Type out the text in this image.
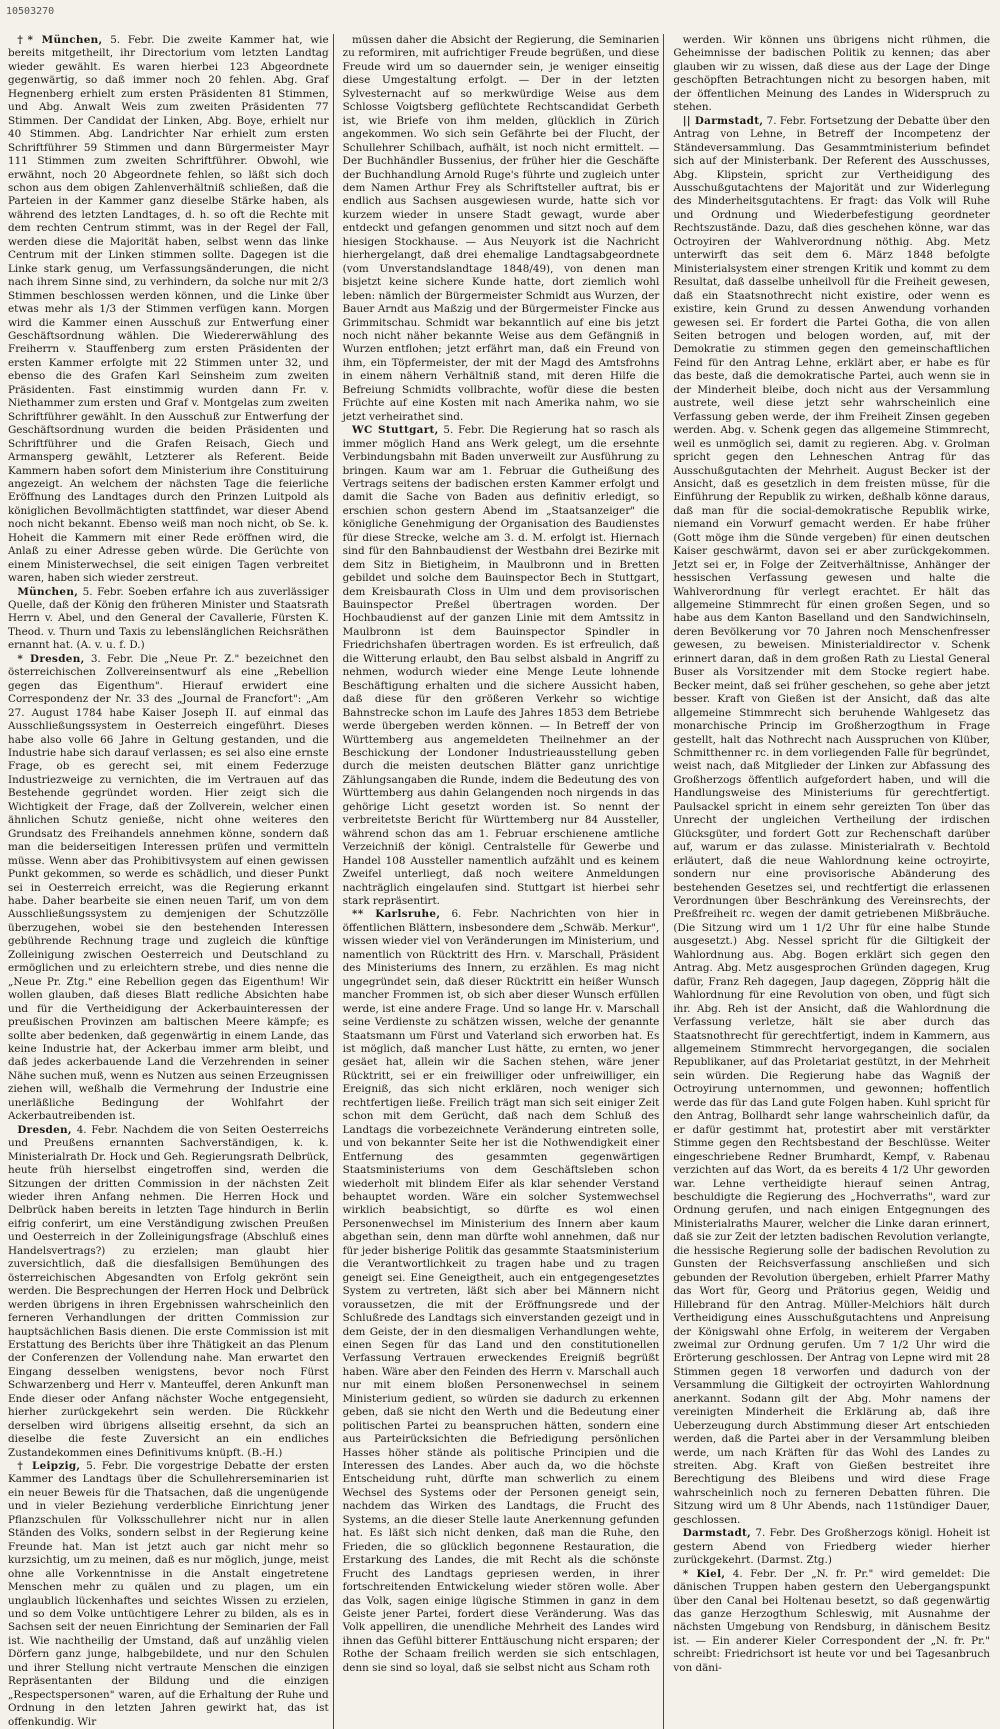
10503270

†* München, 5. Febr. Die zweite Kammer hat, wie bereits mitgetheilt, ihr Directorium vom letzten Landtag wieder gewählt. Es waren hierbei 123 Abgeordnete gegenwärtig, so daß immer noch 20 fehlen. Abg. Graf Hegnenberg erhielt zum ersten Präsidenten 81 Stimmen, und Abg. Anwalt Weis zum zweiten Präsidenten 77 Stimmen. Der Candidat der Linken, Abg. Boye, erhielt nur 40 Stimmen. Abg. Landrichter Nar erhielt zum ersten Schriftführer 59 Stimmen und dann Bürgermeister Mayr 111 Stimmen zum zweiten Schriftführer. Obwohl, wie erwähnt, noch 20 Abgeordnete fehlen, so läßt sich doch schon aus dem obigen Zahlenverhältniß schließen, daß die Parteien in der Kammer ganz dieselbe Stärke haben, als während des letzten Landtages, d. h. so oft die Rechte mit dem rechten Centrum stimmt, was in der Regel der Fall, werden diese die Majorität haben, selbst wenn das linke Centrum mit der Linken stimmen sollte. Dagegen ist die Linke stark genug, um Verfassungsänderungen, die nicht nach ihrem Sinne sind, zu verhindern, da solche nur mit 2/3 Stimmen beschlossen werden können, und die Linke über etwas mehr als 1/3 der Stimmen verfügen kann. Morgen wird die Kammer einen Ausschuß zur Entwerfung einer Geschäftsordnung wählen. Die Wiedererwählung des Freiherrn v. Stauffenberg zum ersten Präsidenten der ersten Kammer erfolgte mit 22 Stimmen unter 32, und ebenso die des Grafen Karl Seinsheim zum zweiten Präsidenten. Fast einstimmig wurden dann Fr. v. Niethammer zum ersten und Graf v. Montgelas zum zweiten Schriftführer gewählt. In den Ausschuß zur Entwerfung der Geschäftsordnung wurden die beiden Präsidenten und Schriftführer und die Grafen Reisach, Giech und Armansperg gewählt, Letzterer als Referent. Beide Kammern haben sofort dem Ministerium ihre Constituirung angezeigt. An welchem der nächsten Tage die feierliche Eröffnung des Landtages durch den Prinzen Luitpold als königlichen Bevollmächtigten stattfindet, war dieser Abend noch nicht bekannt. Ebenso weiß man noch nicht, ob Se. k. Hoheit die Kammern mit einer Rede eröffnen wird, die Anlaß zu einer Adresse geben würde. Die Gerüchte von einem Ministerwechsel, die seit einigen Tagen verbreitet waren, haben sich wieder zerstreut.

München, 5. Febr. Soeben erfahre ich aus zuverlässiger Quelle, daß der König den früheren Minister und Staatsrath Herrn v. Abel, und den General der Cavallerie, Fürsten K. Theod. v. Thurn und Taxis zu lebenslänglichen Reichsräthen ernannt hat. (A. v. u. f. D.)

* Dresden, 3. Febr. Die „Neue Pr. Z." bezeichnet den österreichischen Zollvereinsentwurf als eine „Rebellion gegen das Eigenthum". Hierauf erwidert eine Correspondenz der Nr. 33 des „Journal de Francfort": „Am 27. August 1784 habe Kaiser Joseph II. auf einmal das Ausschließungssystem in Oesterreich eingeführt. Dieses habe also volle 66 Jahre in Geltung gestanden, und die Industrie habe sich darauf verlassen; es sei also eine ernste Frage, ob es gerecht sei, mit einem Federzuge Industriezweige zu vernichten, die im Vertrauen auf das Bestehende gegründet worden. Hier zeigt sich die Wichtigkeit der Frage, daß der Zollverein, welcher einen ähnlichen Schutz genieße, nicht ohne weiteres den Grundsatz des Freihandels annehmen könne, sondern daß man die beiderseitigen Interessen prüfen und vermitteln müsse. Wenn aber das Prohibitivsystem auf einen gewissen Punkt gekommen, so werde es schädlich, und dieser Punkt sei in Oesterreich erreicht, was die Regierung erkannt habe. Daher bearbeite sie einen neuen Tarif, um von dem Ausschließungssystem zu demjenigen der Schutzzölle überzugehen, wobei sie den bestehenden Interessen gebührende Rechnung trage und zugleich die künftige Zolleinigung zwischen Oesterreich und Deutschland zu ermöglichen und zu erleichtern strebe, und dies nenne die „Neue Pr. Ztg." eine Rebellion gegen das Eigenthum! Wir wollen glauben, daß dieses Blatt redliche Absichten habe und für die Vertheidigung der Ackerbauinteressen der preußischen Provinzen am baltischen Meere kämpfe; es sollte aber bedenken, daß gegenwärtig in einem Lande, das keine Industrie hat, der Ackerbau immer arm bleibt, und daß jedes ackerbauende Land die Verzehrenden in seiner Nähe suchen muß, wenn es Nutzen aus seinen Erzeugnissen ziehen will, weßhalb die Vermehrung der Industrie eine unerläßliche Bedingung der Wohlfahrt der Ackerbautreibenden ist.

Dresden, 4. Febr. Nachdem die von Seiten Oesterreichs und Preußens ernannten Sachverständigen, k. k. Ministerialrath Dr. Hock und Geh. Regierungsrath Delbrück, heute früh hierselbst eingetroffen sind, werden die Sitzungen der dritten Commission in der nächsten Zeit wieder ihren Anfang nehmen. Die Herren Hock und Delbrück haben bereits in letzten Tage hindurch in Berlin eifrig conferirt, um eine Verständigung zwischen Preußen und Oesterreich in der Zolleinigungsfrage (Abschluß eines Handelsvertrags?) zu erzielen; man glaubt hier zuversichtlich, daß die diesfallsigen Bemühungen des österreichischen Abgesandten von Erfolg gekrönt sein werden. Die Besprechungen der Herren Hock und Delbrück werden übrigens in ihren Ergebnissen wahrscheinlich den ferneren Verhandlungen der dritten Commission zur hauptsächlichen Basis dienen. Die erste Commission ist mit Erstattung des Berichts über ihre Thätigkeit an das Plenum der Conferenzen der Vollendung nahe. Man erwartet den Eingang desselben wenigstens, bevor noch Fürst Schwarzenberg und Herr v. Manteuffel, deren Ankunft man Ende dieser oder Anfang nächster Woche entgegensieht, hierher zurückgekehrt sein werden. Die Rückkehr derselben wird übrigens allseitig ersehnt, da sich an dieselbe die feste Zuversicht an ein endliches Zustandekommen eines Definitivums knüpft. (B.-H.)

† Leipzig, 5. Febr. Die vorgestrige Debatte der ersten Kammer des Landtags über die Schullehrerseminarien ist ein neuer Beweis für die Thatsachen, daß die ungenügende und in vieler Beziehung verderbliche Einrichtung jener Pflanzschulen für Volksschullehrer nicht nur in allen Ständen des Volks, sondern selbst in der Regierung keine Freunde hat. Man ist jetzt auch gar nicht mehr so kurzsichtig, um zu meinen, daß es nur möglich, junge, meist ohne alle Vorkenntnisse in die Anstalt eingetretene Menschen mehr zu quälen und zu plagen, um ein unglaublich lückenhaftes und seichtes Wissen zu erzielen, und so dem Volke untüchtigere Lehrer zu bilden, als es in Sachsen seit der neuen Einrichtung der Seminarien der Fall ist. Wie nachtheilig der Umstand, daß auf unzählig vielen Dörfern ganz junge, halbgebildete, und nur den Schulen und ihrer Stellung nicht vertraute Menschen die einzigen Repräsentanten der Bildung und die einzigen „Respectspersonen" waren, auf die Erhaltung der Ruhe und Ordnung in den letzten Jahren gewirkt hat, das ist offenkundig. Wir

müssen daher die Absicht der Regierung, die Seminarien zu reformiren, mit aufrichtiger Freude begrüßen, und diese Freude wird um so dauernder sein, je weniger einseitig diese Umgestaltung erfolgt. — Der in der letzten Sylvesternacht auf so merkwürdige Weise aus dem Schlosse Voigtsberg geflüchtete Rechtscandidat Gerbeth ist, wie Briefe von ihm melden, glücklich in Zürich angekommen. Wo sich sein Gefährte bei der Flucht, der Schullehrer Schilbach, aufhält, ist noch nicht ermittelt. — Der Buchhändler Bussenius, der früher hier die Geschäfte der Buchhandlung Arnold Ruge's führte und zugleich unter dem Namen Arthur Frey als Schriftsteller auftrat, bis er endlich aus Sachsen ausgewiesen wurde, hatte sich vor kurzem wieder in unsere Stadt gewagt, wurde aber entdeckt und gefangen genommen und sitzt noch auf dem hiesigen Stockhause. — Aus Neuyork ist die Nachricht hierhergelangt, daß drei ehemalige Landtagsabgeordnete (vom Unverstandslandtage 1848/49), von denen man bisjetzt keine sichere Kunde hatte, dort ziemlich wohl leben: nämlich der Bürgermeister Schmidt aus Wurzen, der Bauer Arndt aus Maßzig und der Bürgermeister Fincke aus Grimmitschau. Schmidt war bekanntlich auf eine bis jetzt noch nicht näher bekannte Weise aus dem Gefängniß in Wurzen entflohen; jetzt erfährt man, daß ein Freund von ihm, ein Töpfermeister, der mit der Magd des Amtsfrohns in einem nähern Verhältniß stand, mit deren Hilfe die Befreiung Schmidts vollbrachte, wofür diese die besten Früchte auf eine Kosten mit nach Amerika nahm, wo sie jetzt verheirathet sind.

WC Stuttgart, 5. Febr. Die Regierung hat so rasch als immer möglich Hand ans Werk gelegt, um die ersehnte Verbindungsbahn mit Baden unverweilt zur Ausführung zu bringen. Kaum war am 1. Februar die Gutheißung des Vertrags seitens der badischen ersten Kammer erfolgt und damit die Sache von Baden aus definitiv erledigt, so erschien schon gestern Abend im „Staatsanzeiger" die königliche Genehmigung der Organisation des Baudienstes für diese Strecke, welche am 3. d. M. erfolgt ist. Hiernach sind für den Bahnbaudienst der Westbahn drei Bezirke mit dem Sitz in Bietigheim, in Maulbronn und in Bretten gebildet und solche dem Bauinspector Bech in Stuttgart, dem Kreisbaurath Closs in Ulm und dem provisorischen Bauinspector Preßel übertragen worden. Der Hochbaudienst auf der ganzen Linie mit dem Amtssitz in Maulbronn ist dem Bauinspector Spindler in Friedrichshafen übertragen worden. Es ist erfreulich, daß die Witterung erlaubt, den Bau selbst alsbald in Angriff zu nehmen, wodurch wieder eine Menge Leute lohnende Beschäftigung erhalten und die sichere Aussicht haben, daß diese für den größeren Verkehr so wichtige Bahnstrecke schon im Laufe des Jahres 1853 dem Betriebe werde übergeben werden können. — In Betreff der von Württemberg aus angemeldeten Theilnehmer an der Beschickung der Londoner Industrieausstellung geben durch die meisten deutschen Blätter ganz unrichtige Zählungsangaben die Runde, indem die Bedeutung des von Württemberg aus dahin Gelangenden noch nirgends in das gehörige Licht gesetzt worden ist. So nennt der verbreitetste Bericht für Württemberg nur 84 Aussteller, während schon das am 1. Februar erschienene amtliche Verzeichniß der königl. Centralstelle für Gewerbe und Handel 108 Aussteller namentlich aufzählt und es keinem Zweifel unterliegt, daß noch weitere Anmeldungen nachträglich eingelaufen sind. Stuttgart ist hierbei sehr stark repräsentirt.

** Karlsruhe, 6. Febr. Nachrichten von hier in öffentlichen Blättern, insbesondere dem „Schwäb. Merkur", wissen wieder viel von Veränderungen im Ministerium, und namentlich von Rücktritt des Hrn. v. Marschall, Präsident des Ministeriums des Innern, zu erzählen. Es mag nicht ungegründet sein, daß dieser Rücktritt ein heißer Wunsch mancher Frommen ist, ob sich aber dieser Wunsch erfüllen werde, ist eine andere Frage. Und so lange Hr. v. Marschall seine Verdienste zu schätzen wissen, welche der genannte Staatsmann um Fürst und Vaterland sich erworben hat. Es ist möglich, daß mancher Lust hätte, zu ernten, wo jener gesäet hat, allein wir die Sachen stehen, wäre jener Rücktritt, sei er ein freiwilliger oder unfreiwilliger, ein Ereigniß, das sich nicht erklären, noch weniger sich rechtfertigen ließe. Freilich trägt man sich seit einiger Zeit schon mit dem Gerücht, daß nach dem Schluß des Landtags die vorbezeichnete Veränderung eintreten solle, und von bekannter Seite her ist die Nothwendigkeit einer Entfernung des gesammten gegenwärtigen Staatsministeriums von dem Geschäftsleben schon wiederholt mit blindem Eifer als klar sehender Verstand behauptet worden. Wäre ein solcher Systemwechsel wirklich beabsichtigt, so dürfte es wol einen Personenwechsel im Ministerium des Innern aber kaum abgethan sein, denn man dürfte wohl annehmen, daß nur für jeder bisherige Politik das gesammte Staatsministerium die Verantwortlichkeit zu tragen habe und zu tragen geneigt sei. Eine Geneigtheit, auch ein entgegengesetztes System zu vertreten, läßt sich aber bei Männern nicht voraussetzen, die mit der Eröffnungsrede und der Schlußrede des Landtags sich einverstanden gezeigt und in dem Geiste, der in den diesmaligen Verhandlungen wehte, einen Segen für das Land und den constitutionellen Verfassung Vertrauen erweckendes Ereigniß begrüßt haben. Wäre aber den Feinden des Herrn v. Marschall auch nur mit einem bloßen Personenwechsel in seinem Ministerium gedient, so würden sie dadurch zu erkennen geben, daß sie nicht den Werth und die Bedeutung einer politischen Partei zu beanspruchen hätten, sondern eine aus Parteirücksichten die Befriedigung persönlichen Hasses höher stände als politische Principien und die Interessen des Landes. Aber auch da, wo die höchste Entscheidung ruht, dürfte man schwerlich zu einem Wechsel des Systems oder der Personen geneigt sein, nachdem das Wirken des Landtags, die Frucht des Systems, an die dieser Stelle laute Anerkennung gefunden hat. Es läßt sich nicht denken, daß man die Ruhe, den Frieden, die so glücklich begonnene Restauration, die Erstarkung des Landes, die mit Recht als die schönste Frucht des Landtags gepriesen werden, in ihrer fortschreitenden Entwickelung wieder stören wolle. Aber das Volk, sagen einige lügische Stimmen in ganz in dem Geiste jener Partei, fordert diese Veränderung. Was das Volk appelliren, die unendliche Mehrheit des Landes wird ihnen das Gefühl bitterer Enttäuschung nicht ersparen; der Rothe der Schaam freilich werden sie sich entschlagen, denn sie sind so loyal, daß sie selbst nicht aus Scham roth

werden. Wir können uns übrigens nicht rühmen, die Geheimnisse der badischen Politik zu kennen; das aber glauben wir zu wissen, daß diese aus der Lage der Dinge geschöpften Betrachtungen nicht zu besorgen haben, mit der öffentlichen Meinung des Landes in Widerspruch zu stehen.

|| Darmstadt, 7. Febr. Fortsetzung der Debatte über den Antrag von Lehne, in Betreff der Incompetenz der Ständeversammlung. Das Gesammtministerium befindet sich auf der Ministerbank. Der Referent des Ausschusses, Abg. Klipstein, spricht zur Vertheidigung des Ausschußgutachtens der Majorität und zur Widerlegung des Minderheitsgutachtens. Er fragt: das Volk will Ruhe und Ordnung und Wiederbefestigung geordneter Rechtszustände. Dazu, daß dies geschehen könne, war das Octroyiren der Wahlverordnung nöthig. Abg. Metz unterwirft das seit dem 6. März 1848 befolgte Ministerialsystem einer strengen Kritik und kommt zu dem Resultat, daß dasselbe unheilvoll für die Freiheit gewesen, daß ein Staatsnothrecht nicht existire, oder wenn es existire, kein Grund zu dessen Anwendung vorhanden gewesen sei. Er fordert die Partei Gotha, die von allen Seiten betrogen und belogen worden, auf, mit der Demokratie zu stimmen gegen den gemeinschaftlichen Feind für den Antrag Lehne, erklärt aber, er habe es für das beste, daß die demokratische Partei, auch wenn sie in der Minderheit bleibe, doch nicht aus der Versammlung austrete, weil diese jetzt sehr wahrscheinlich eine Verfassung geben werde, der ihm Freiheit Zinsen gegeben werden. Abg. v. Schenk gegen das allgemeine Stimmrecht, weil es unmöglich sei, damit zu regieren. Abg. v. Grolman spricht gegen den Lehneschen Antrag für das Ausschußgutachten der Mehrheit. August Becker ist der Ansicht, daß es gesetzlich in dem freisten müsse, für die Einführung der Republik zu wirken, deßhalb könne daraus, daß man für die social-demokratische Republik wirke, niemand ein Vorwurf gemacht werden. Er habe früher (Gott möge ihm die Sünde vergeben) für einen deutschen Kaiser geschwärmt, davon sei er aber zurückgekommen. Jetzt sei er, in Folge der Zeitverhältnisse, Anhänger der hessischen Verfassung gewesen und halte die Wahlverordnung für verlegt erachtet. Er hält das allgemeine Stimmrecht für einen großen Segen, und so habe aus dem Kanton Baselland und den Sandwichinseln, deren Bevölkerung vor 70 Jahren noch Menschenfresser gewesen, zu beweisen. Ministerialdirector v. Schenk erinnert daran, daß in dem großen Rath zu Liestal General Buser als Vorsitzender mit dem Stocke regiert habe. Becker meint, daß sei früher geschehen, so gehe aber jetzt besser. Kraft von Gießen ist der Ansicht, daß das alte allgemeine Stimmrecht sich beruhende Wahlgesetz das monarchische Princip im Großherzogthum in Frage gestellt, halt das Nothrecht nach Ausspruchen von Klüber, Schmitthenner rc. in dem vorliegenden Falle für begründet, weist nach, daß Mitglieder der Linken zur Abfassung des Großherzogs öffentlich aufgefordert haben, und will die Handlungsweise des Ministeriums für gerechtfertigt. Paulsackel spricht in einem sehr gereizten Ton über das Unrecht der ungleichen Vertheilung der irdischen Glücksgüter, und fordert Gott zur Rechenschaft darüber auf, warum er das zulasse. Ministerialrath v. Bechtold erläutert, daß die neue Wahlordnung keine octroyirte, sondern nur eine provisorische Abänderung des bestehenden Gesetzes sei, und rechtfertigt die erlassenen Verordnungen über Beschränkung des Vereinsrechts, der Preßfreiheit rc. wegen der damit getriebenen Mißbräuche. (Die Sitzung wird um 1 1/2 Uhr für eine halbe Stunde ausgesetzt.) Abg. Nessel spricht für die Giltigkeit der Wahlordnung aus. Abg. Bogen erklärt sich gegen den Antrag. Abg. Metz ausgesprochen Gründen dagegen, Krug dafür, Franz Reh dagegen, Jaup dagegen, Zöpprig hält die Wahlordnung für eine Revolution von oben, und fügt sich ihr. Abg. Reh ist der Ansicht, daß die Wahlordnung die Verfassung verletze, hält sie aber durch das Staatsnothrecht für gerechtfertigt, indem in Kammern, aus allgemeinem Stimmrecht hervorgegangen, die socialen Republikaner, auf das Proletariat gestützt, in der Mehrheit sein würden. Die Regierung habe das Wagniß der Octroyirung unternommen, und gewonnen; hoffentlich werde das für das Land gute Folgen haben. Kuhl spricht für den Antrag, Bollhardt sehr lange wahrscheinlich dafür, da er dafür gestimmt hat, protestirt aber mit verstärkter Stimme gegen den Rechtsbestand der Beschlüsse. Weiter eingeschriebene Redner Brumhardt, Kempf, v. Rabenau verzichten auf das Wort, da es bereits 4 1/2 Uhr geworden war. Lehne vertheidigte hierauf seinen Antrag, beschuldigte die Regierung des „Hochverraths", ward zur Ordnung gerufen, und nach einigen Entgegnungen des Ministerialraths Maurer, welcher die Linke daran erinnert, daß sie zur Zeit der letzten badischen Revolution verlangte, die hessische Regierung solle der badischen Revolution zu Gunsten der Reichsverfassung anschließen und sich gebunden der Revolution übergeben, erhielt Pfarrer Mathy das Wort für, Georg und Prätorius gegen, Weidig und Hillebrand für den Antrag. Müller-Melchiors hält durch Vertheidigung eines Ausschußgutachtens und Anpreisung der Königswahl ohne Erfolg, in weiterem der Vergaben zweimal zur Ordnung gerufen. Um 7 1/2 Uhr wird die Erörterung geschlossen. Der Antrag von Lepne wird mit 28 Stimmen gegen 18 verworfen und dadurch von der Versammlung die Giltigkeit der octroyirten Wahlordnung anerkannt. Sodann gilt der Abg. Mohr namens der vereinigten Minderheit die Erklärung ab, daß ihre Ueberzeugung durch Abstimmung dieser Art entschieden werden, daß die Partei aber in der Versammlung bleiben werde, um nach Kräften für das Wohl des Landes zu streiten. Abg. Kraft von Gießen bestreitet ihre Berechtigung des Bleibens und wird diese Frage wahrscheinlich noch zu ferneren Debatten führen. Die Sitzung wird um 8 Uhr Abends, nach 11stündiger Dauer, geschlossen.

Darmstadt, 7. Febr. Des Großherzogs königl. Hoheit ist gestern Abend von Friedberg wieder hierher zurückgekehrt. (Darmst. Ztg.)

* Kiel, 4. Febr. Der „N. fr. Pr." wird gemeldet: Die dänischen Truppen haben gestern den Uebergangspunkt über den Canal bei Holtenau besetzt, so daß gegenwärtig das ganze Herzogthum Schleswig, mit Ausnahme der nächsten Umgebung von Rendsburg, in dänischem Besitz ist. — Ein anderer Kieler Correspondent der „N. fr. Pr." schreibt: Friedrichsort ist heute vor und bei Tagesanbruch von däni-
